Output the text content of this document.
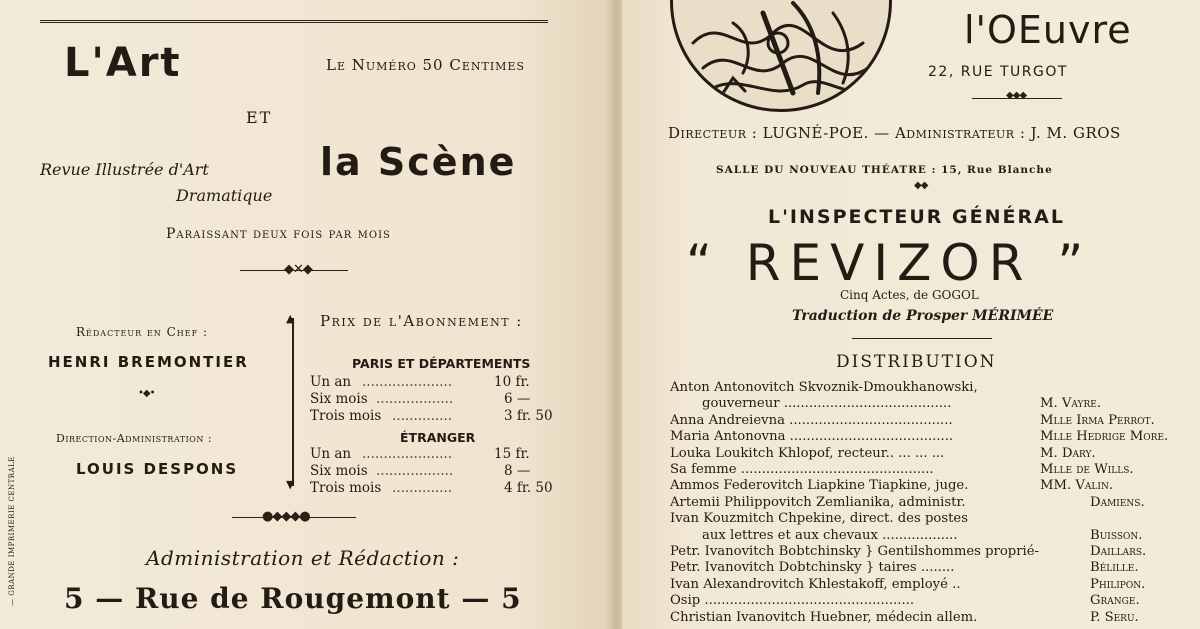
L'Art	Le Numéro 50 Centimes
ET
Revue Illustrée d'Art
Dramatique
la Scène
Paraissant deux fois par mois
◆✕◆
Rédacteur en Chef :
HENRI BREMONTIER
•◆•
Direction-Administration :
LOUIS DESPONS
▲
▼
Prix de l'Abonnement :
PARIS ET DÉPARTEMENTS
Un an .....................	10 fr.
Six mois ..................	6 —
Trois mois ..............	3 fr. 50
ÉTRANGER
Un an .....................	15 fr.
Six mois ..................	8 —
Trois mois ..............	4 fr. 50
●◆◆◆●
Administration et Rédaction :
5 — Rue de Rougemont — 5
— GRANDE IMPRIMERIE CENTRALE
l'OEuvre
22, RUE TURGOT
◆◆◆
Directeur : LUGNÉ-POE. — Administrateur : J. M. GROS
SALLE DU NOUVEAU THÉATRE : 15, Rue Blanche
◆◆
L'INSPECTEUR GÉNÉRAL
“ REVIZOR ”
Cinq Actes, de GOGOL
Traduction de Prosper MÉRIMÉE
DISTRIBUTION
Anton Antonovitch Skvoznik-Dmoukhanowski,
gouverneur ........................................	M. Vayre.
Anna Andreievna .......................................	Mlle Irma Perrot.
Maria Antonovna .......................................	Mlle Hedrige More.
Louka Loukitch Khlopof, recteur.. ... ... ...	M. Dary.
Sa femme ..............................................	Mlle de Wills.
Ammos Federovitch Liapkine Tiapkine, juge.	MM. Valin.
Artemii Philippovitch Zemlianika, administr.	Damiens.
Ivan Kouzmitch Chpekine, direct. des postes
aux lettres et aux chevaux ..................	Buisson.
Petr. Ivanovitch Bobtchinsky } Gentilshommes proprié-	Daillars.
Petr. Ivanovitch Dobtchinsky } taires ........	Bélille.
Ivan Alexandrovitch Khlestakoff, employé ..	Philipon.
Osip ..................................................	Grange.
Christian Ivanovitch Huebner, médecin allem.	P. Seru.
